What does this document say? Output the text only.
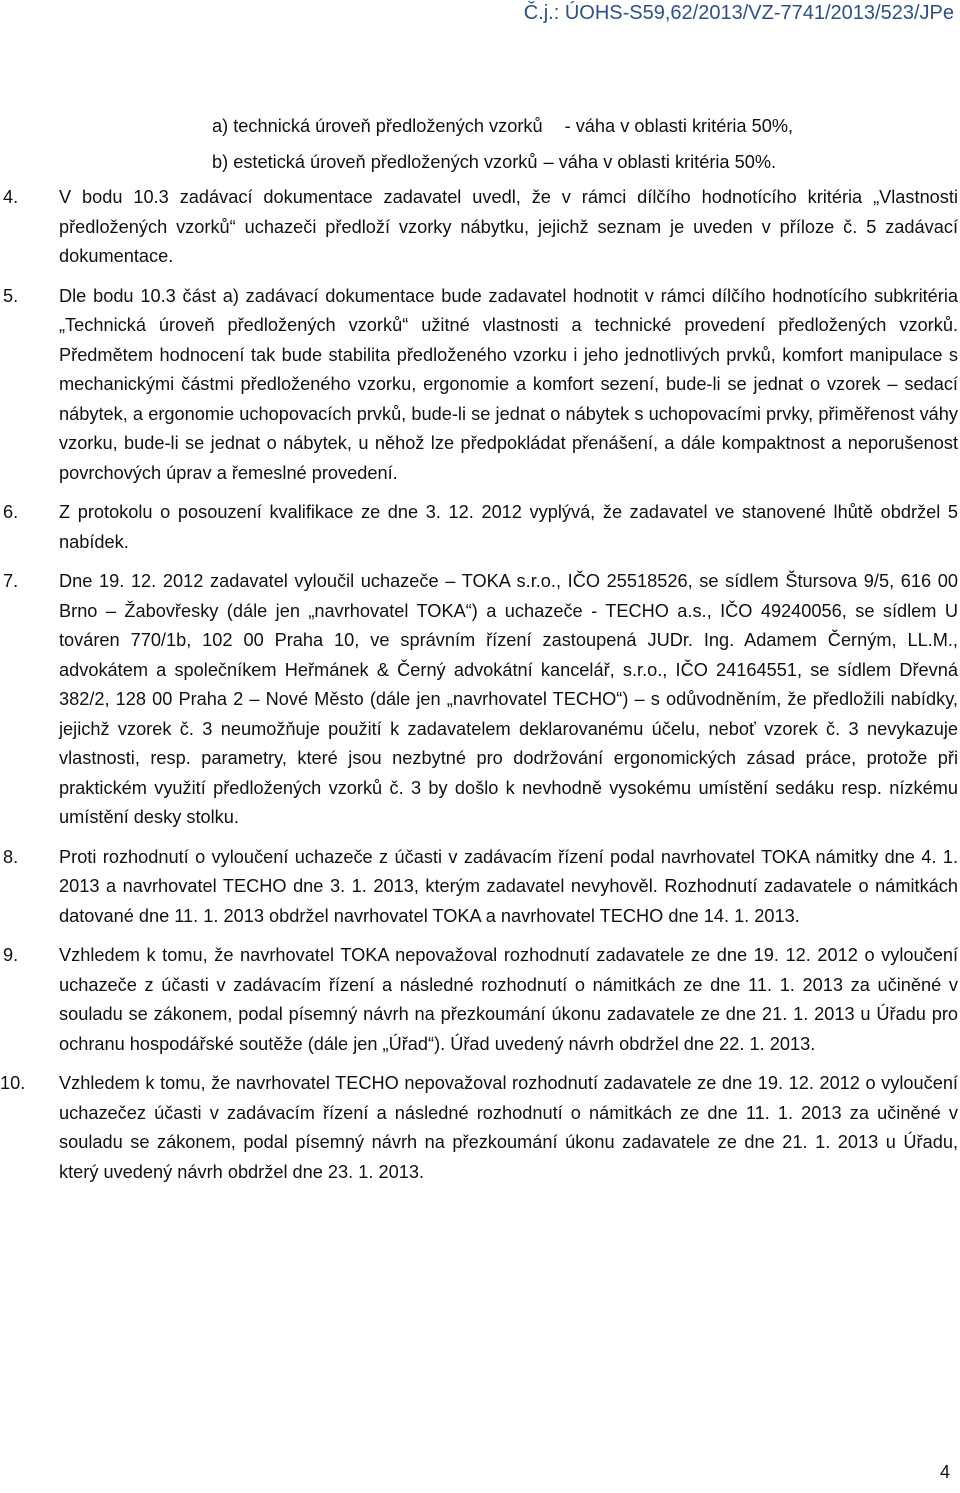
Č.j.: ÚOHS-S59,62/2013/VZ-7741/2013/523/JPe
a) technická úroveň předložených vzorků - váha v oblasti kritéria 50%,
b) estetická úroveň předložených vzorků – váha v oblasti kritéria 50%.
4. V bodu 10.3 zadávací dokumentace zadavatel uvedl, že v rámci dílčího hodnotícího kritéria „Vlastnosti předložených vzorků“ uchazeči předloží vzorky nábytku, jejichž seznam je uveden v příloze č. 5 zadávací dokumentace.
5. Dle bodu 10.3 část a) zadávací dokumentace bude zadavatel hodnotit v rámci dílčího hodnotícího subkritéria „Technická úroveň předložených vzorků“ užitné vlastnosti a technické provedení předložených vzorků. Předmětem hodnocení tak bude stabilita předloženého vzorku i jeho jednotlivých prvků, komfort manipulace s mechanickými částmi předloženého vzorku, ergonomie a komfort sezení, bude-li se jednat o vzorek – sedací nábytek, a ergonomie uchopovacích prvků, bude-li se jednat o nábytek s uchopovacími prvky, přiměřenost váhy vzorku, bude-li se jednat o nábytek, u něhož lze předpokládat přenášení, a dále kompaktnost a neporušenost povrchových úprav a řemeslné provedení.
6. Z protokolu o posouzení kvalifikace ze dne 3. 12. 2012 vyplývá, že zadavatel ve stanovené lhůtě obdržel 5 nabídek.
7. Dne 19. 12. 2012 zadavatel vyloučil uchazeče – TOKA s.r.o., IČO 25518526, se sídlem Štursova 9/5, 616 00 Brno – Žabovřesky (dále jen „navrhovatel TOKA“) a uchazeče - TECHO a.s., IČO 49240056, se sídlem U továren 770/1b, 102 00 Praha 10, ve správním řízení zastoupená JUDr. Ing. Adamem Černým, LL.M., advokátem a společníkem Heřmánek & Černý advokátní kancelář, s.r.o., IČO 24164551, se sídlem Dřevná 382/2, 128 00 Praha 2 – Nové Město (dále jen „navrhovatel TECHO“) – s odůvodněním, že předložili nabídky, jejichž vzorek č. 3 neumožňuje použití k zadavatelem deklarovanému účelu, neboť vzorek č. 3 nevykazuje vlastnosti, resp. parametry, které jsou nezbytné pro dodržování ergonomických zásad práce, protože při praktickém využití předložených vzorků č. 3 by došlo k nevhodně vysokému umístění sedáku resp. nízkému umístění desky stolku.
8. Proti rozhodnutí o vyloučení uchazeče z účasti v zadávacím řízení podal navrhovatel TOKA námitky dne 4. 1. 2013 a navrhovatel TECHO dne 3. 1. 2013, kterým zadavatel nevyhověl. Rozhodnutí zadavatele o námitkách datované dne 11. 1. 2013 obdržel navrhovatel TOKA a navrhovatel TECHO dne 14. 1. 2013.
9. Vzhledem k tomu, že navrhovatel TOKA nepovažoval rozhodnutí zadavatele ze dne 19. 12. 2012 o vyloučení uchazeče z účasti v zadávacím řízení a následné rozhodnutí o námitkách ze dne 11. 1. 2013 za učiněné v souladu se zákonem, podal písemný návrh na přezkoumání úkonu zadavatele ze dne 21. 1. 2013 u Úřadu pro ochranu hospodářské soutěže (dále jen „Úřad“). Úřad uvedený návrh obdržel dne 22. 1. 2013.
10. Vzhledem k tomu, že navrhovatel TECHO nepovažoval rozhodnutí zadavatele ze dne 19. 12. 2012 o vyloučení uchazečez účasti v zadávacím řízení a následné rozhodnutí o námitkách ze dne 11. 1. 2013 za učiněné v souladu se zákonem, podal písemný návrh na přezkoumání úkonu zadavatele ze dne 21. 1. 2013 u Úřadu, který uvedený návrh obdržel dne 23. 1. 2013.
4
